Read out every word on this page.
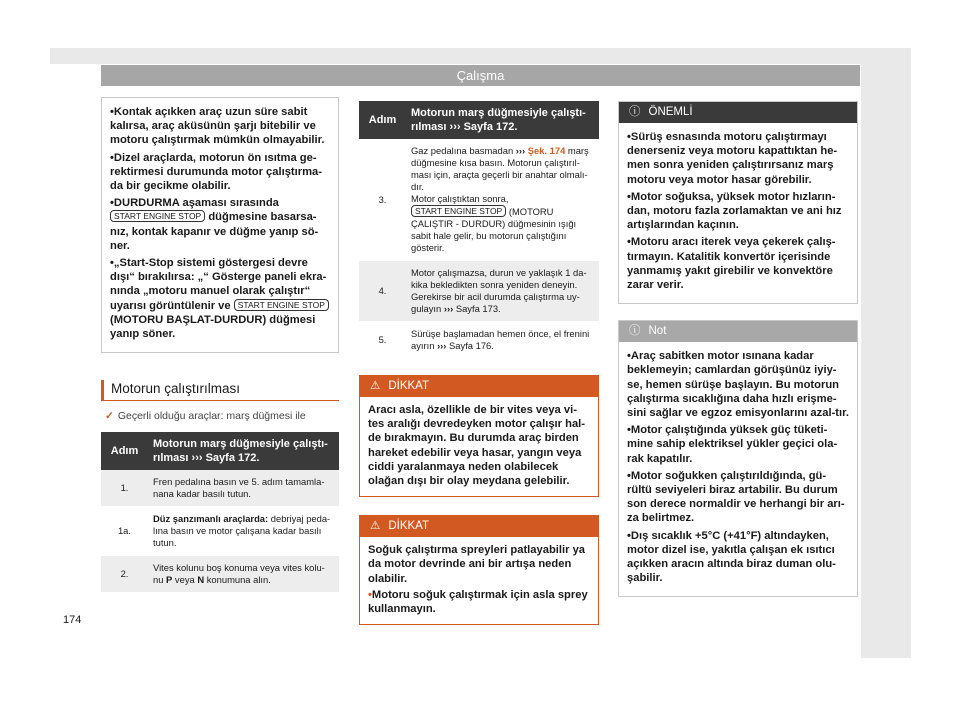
Çalışma

• Kontak açıkken araç uzun süre sabit kalırsa, araç aküsünün şarjı bitebilir ve motoru çalıştırmak mümkün olmayabilir.

• Dizel araçlarda, motorun ön ısıtma ge-rektirmesi durumunda motor çalıştırma-da bir gecikme olabilir.

• DURDURMA aşaması sırasında START ENGINE STOP düğmesine basarsa-nız, kontak kapanır ve düğme yanıp sö-ner.

• „Start-Stop sistemi göstergesi devre dışı“ bırakılırsa: „“ Gösterge paneli ekra-nında „motoru manuel olarak çalıştır“ uyarısı görüntülenir ve START ENGINE STOP (MOTORU BAŞLAT-DURDUR) düğmesi yanıp söner.

Motorun çalıştırılması
✓ Geçerli olduğu araçlar: marş düğmesi ile
Adım	Motorun marş düğmesiyle çalıştı-rılması ››› Sayfa 172.
1.	Fren pedalına basın ve 5. adım tamamla-nana kadar basılı tutun.
1a.	Düz şanzımanlı araçlarda: debriyaj peda-lına basın ve motor çalışana kadar basılı tutun.
2.	Vites kolunu boş konuma veya vites kolu-nu P veya N konumuna alın.
Adım	Motorun marş düğmesiyle çalıştı-rılması ››› Sayfa 172.
3.	Gaz pedalına basmadan ››› Şek. 174 marş düğmesine kısa basın. Motorun çalıştırıl-ması için, araçta geçerli bir anahtar olmalı-dır.
Motor çalıştıktan sonra,
START ENGINE STOP (MOTORU ÇALIŞTIR - DURDUR) düğmesinin ışığı sabit hale gelir, bu motorun çalıştığını gösterir.
4.	Motor çalışmazsa, durun ve yaklaşık 1 da-kika bekledikten sonra yeniden deneyin. Gerekirse bir acil durumda çalıştırma uy-gulayın ››› Sayfa 173.
5.	Sürüşe başlamadan hemen önce, el frenini ayırın ››› Sayfa 176.
⚠ DİKKAT
Aracı asla, özellikle de bir vites veya vi-tes aralığı devredeyken motor çalışır hal-de bırakmayın. Bu durumda araç birden hareket edebilir veya hasar, yangın veya ciddi yaralanmaya neden olabilecek olağan dışı bir olay meydana gelebilir.
⚠ DİKKAT

Soğuk çalıştırma spreyleri patlayabilir ya da motor devrinde ani bir artışa neden olabilir.

• Motoru soğuk çalıştırmak için asla sprey kullanmayın.

ⓘ ÖNEMLİ

• Sürüş esnasında motoru çalıştırmayı denerseniz veya motoru kapattıktan he-men sonra yeniden çalıştırırsanız marş motoru veya motor hasar görebilir.

• Motor soğuksa, yüksek motor hızların-dan, motoru fazla zorlamaktan ve ani hız artışlarından kaçının.

• Motoru aracı iterek veya çekerek çalış-tırmayın. Katalitik konvertör içerisinde yanmamış yakıt girebilir ve konvektöre zarar verir.

ⓘ Not

• Araç sabitken motor ısınana kadar beklemeyin; camlardan görüşünüz iyiy-se, hemen sürüşe başlayın. Bu motorun çalıştırma sıcaklığına daha hızlı erişme-sini sağlar ve egzoz emisyonlarını azal-tır.

• Motor çalıştığında yüksek güç tüketi-mine sahip elektriksel yükler geçici ola-rak kapatılır.

• Motor soğukken çalıştırıldığında, gü-rültü seviyeleri biraz artabilir. Bu durum son derece normaldir ve herhangi bir arı-za belirtmez.

• Dış sıcaklık +5°C (+41°F) altındayken, motor dizel ise, yakıtla çalışan ek ısıtıcı açıkken aracın altında biraz duman olu-şabilir.

174
